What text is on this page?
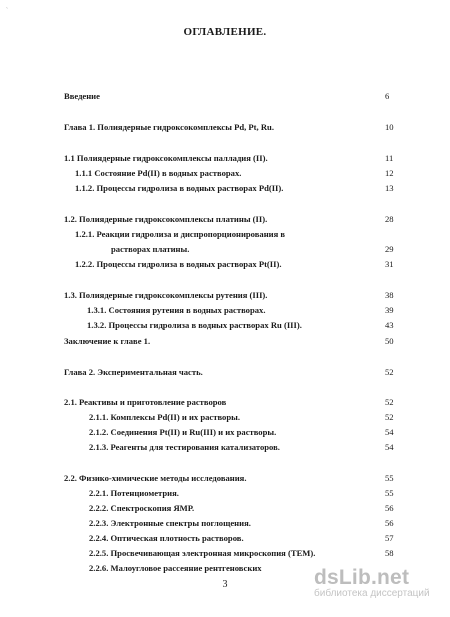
`
ОГЛАВЛЕНИЕ.
Введение	6
Глава 1. Полиядерные гидроксокомплексы Pd, Pt, Ru.	10
1.1 Полиядерные гидроксокомплексы палладия (II).	11
1.1.1 Состояние Pd(II) в водных растворах.	12
1.1.2. Процессы гидролиза в водных растворах Pd(II).	13
1.2. Полиядерные гидроксокомплексы платины (II).	28
1.2.1. Реакции гидролиза и диспропорционирования в
растворах платины.	29
1.2.2. Процессы гидролиза в водных растворах Pt(II).	31
1.3. Полиядерные гидроксокомплексы рутения (III).	38
1.3.1. Состояния рутения в водных растворах.	39
1.3.2. Процессы гидролиза в водных растворах Ru (III).	43
Заключение к главе 1.	50
Глава 2. Экспериментальная часть.	52
2.1. Реактивы и приготовление растворов	52
2.1.1. Комплексы Pd(II) и их растворы.	52
2.1.2. Соединения Pt(II) и Ru(III) и их растворы.	54
2.1.3. Реагенты для тестирования катализаторов.	54
2.2. Физико-химические методы исследования.	55
2.2.1. Потенциометрия.	55
2.2.2. Спектроскопия ЯМР.	56
2.2.3. Электронные спектры поглощения.	56
2.2.4. Оптическая плотность растворов.	57
2.2.5. Просвечивающая электронная микроскопия (ТЕМ).	58
2.2.6. Малоугловое рассеяние рентгеновских
3	dsLib.net
библиотека диссертаций
